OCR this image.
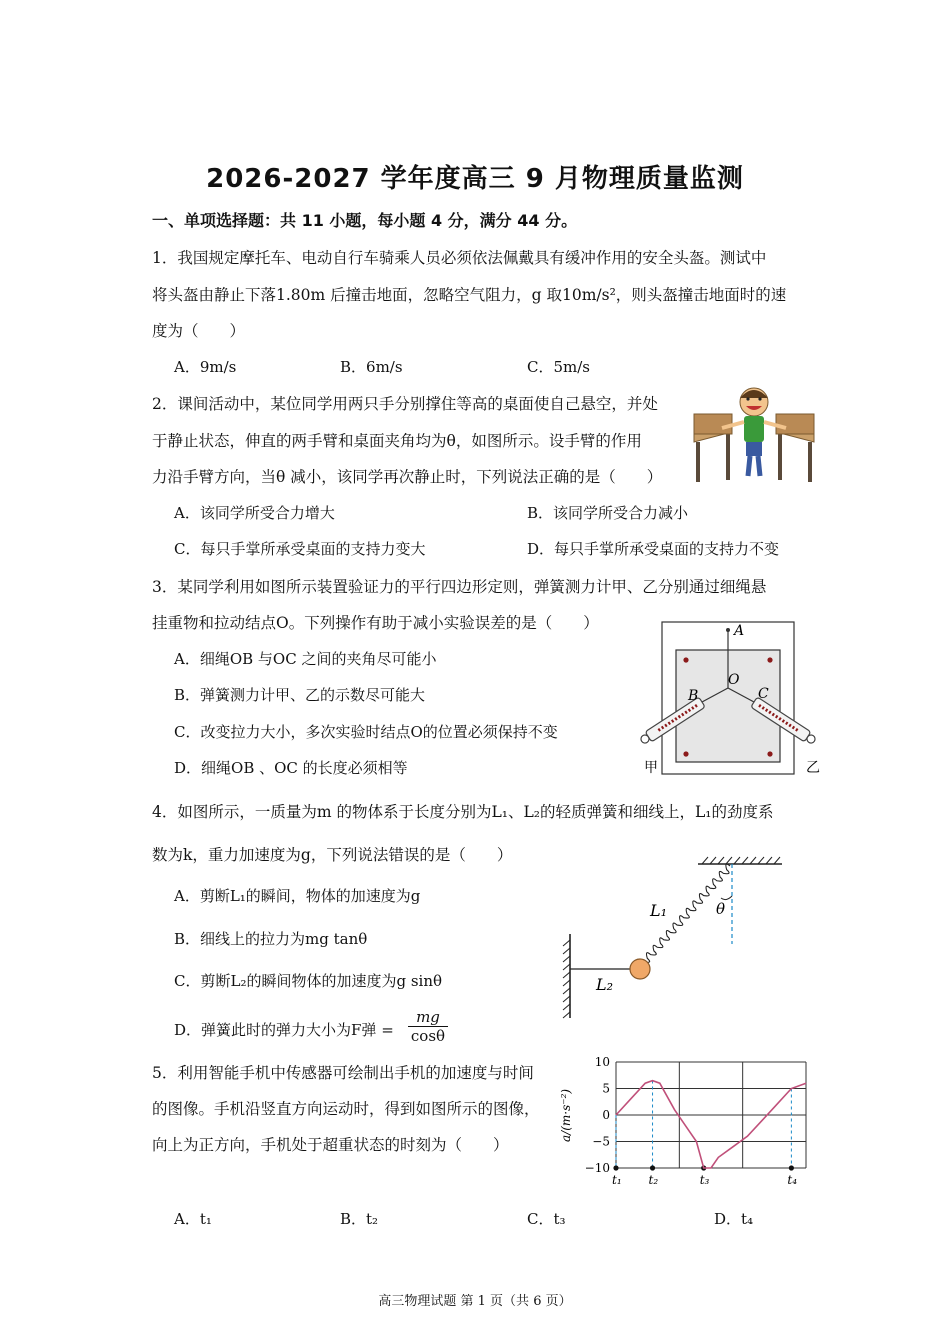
2026-2027 学年度高三 9 月物理质量监测
一、单项选择题：共 11 小题，每小题 4 分，满分 44 分。
1．我国规定摩托车、电动自行车骑乘人员必须依法佩戴具有缓冲作用的安全头盔。测试中
将头盔由静止下落1.80m 后撞击地面，忽略空气阻力，g 取10m/s²，则头盔撞击地面时的速
度为（　　）
A．9m/s	B．6m/s	C．5m/s
2．课间活动中，某位同学用两只手分别撑住等高的桌面使自己悬空，并处
于静止状态，伸直的两手臂和桌面夹角均为θ，如图所示。设手臂的作用
力沿手臂方向，当θ 减小，该同学再次静止时，下列说法正确的是（　　）
A．该同学所受合力增大	B．该同学所受合力减小
C．每只手掌所承受桌面的支持力变大	D．每只手掌所承受桌面的支持力不变
3．某同学利用如图所示装置验证力的平行四边形定则，弹簧测力计甲、乙分别通过细绳悬
挂重物和拉动结点O。下列操作有助于减小实验误差的是（　　）
A．细绳OB 与OC 之间的夹角尽可能小
B．弹簧测力计甲、乙的示数尽可能大
C．改变拉力大小，多次实验时结点O的位置必须保持不变
D．细绳OB 、OC 的长度必须相等
A
O
B	C
甲	乙
4．如图所示，一质量为m 的物体系于长度分别为L₁、L₂的轻质弹簧和细线上，L₁的劲度系
数为k，重力加速度为g，下列说法错误的是（　　）
A．剪断L₁的瞬间，物体的加速度为g
B．细线上的拉力为mg tanθ
C．剪断L₂的瞬间物体的加速度为g sinθ
D．弹簧此时的弹力大小为F弹 = $\frac{mg}{\cos\theta}$
L₁
L₂
θ
5．利用智能手机中传感器可绘制出手机的加速度与时间
的图像。手机沿竖直方向运动时，得到如图所示的图像，
向上为正方向，手机处于超重状态的时刻为（　　）
A．t₁	B．t₂	C．t₃	D．t₄
10
5
0
−5
−10
t₁ t₂	t₃	t₄
a/(m·s⁻²)
高三物理试题 第 1 页（共 6 页）
